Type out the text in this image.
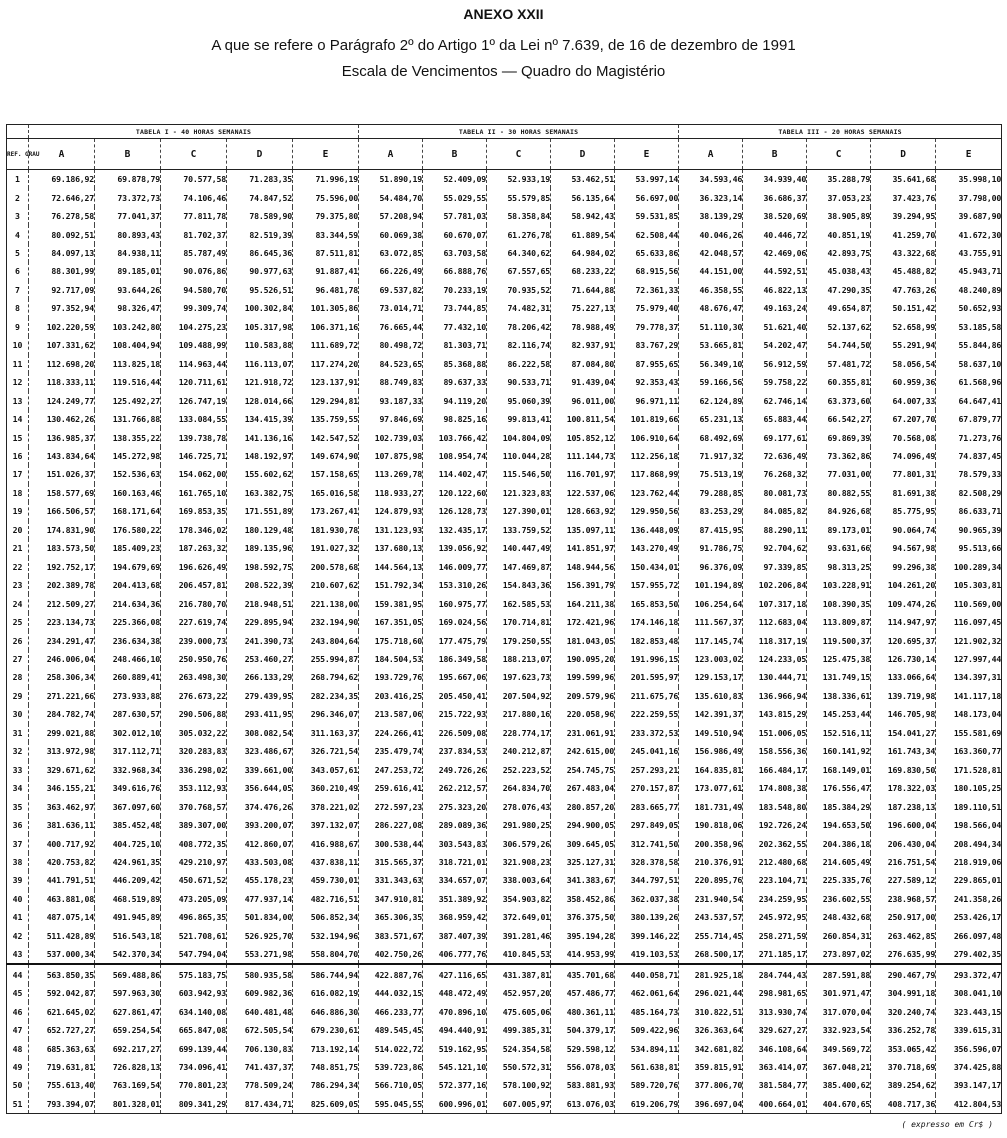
ANEXO XXII
A que se refere o Parágrafo 2º do Artigo 1º da Lei nº 7.639, de 16 de dezembro de 1991
Escala de Vencimentos — Quadro do Magistério
	TABELA I - 40 HORAS SEMANAIS					TABELA II - 30 HORAS SEMANAIS					TABELA III - 20 HORAS SEMANAIS				
REF. GRAU	A	B	C	D	E	A	B	C	D	E	A	B	C	D	E
1	69.186,92	69.878,79	70.577,58	71.283,35	71.996,19	51.890,19	52.409,09	52.933,19	53.462,51	53.997,14	34.593,46	34.939,40	35.288,79	35.641,68	35.998,10
2	72.646,27	73.372,73	74.106,46	74.847,52	75.596,00	54.484,70	55.029,55	55.579,85	56.135,64	56.697,00	36.323,14	36.686,37	37.053,23	37.423,76	37.798,00
3	76.278,58	77.041,37	77.811,78	78.589,90	79.375,80	57.208,94	57.781,03	58.358,84	58.942,43	59.531,85	38.139,29	38.520,69	38.905,89	39.294,95	39.687,90
4	80.092,51	80.893,43	81.702,37	82.519,39	83.344,59	60.069,38	60.670,07	61.276,78	61.889,54	62.508,44	40.046,26	40.446,72	40.851,19	41.259,70	41.672,30
5	84.097,13	84.938,11	85.787,49	86.645,36	87.511,81	63.072,85	63.703,58	64.340,62	64.984,02	65.633,86	42.048,57	42.469,06	42.893,75	43.322,68	43.755,91
6	88.301,99	89.185,01	90.076,86	90.977,63	91.887,41	66.226,49	66.888,76	67.557,65	68.233,22	68.915,56	44.151,00	44.592,51	45.038,43	45.488,82	45.943,71
7	92.717,09	93.644,26	94.580,70	95.526,51	96.481,78	69.537,82	70.233,19	70.935,52	71.644,88	72.361,33	46.358,55	46.822,13	47.290,35	47.763,26	48.240,89
8	97.352,94	98.326,47	99.309,74	100.302,84	101.305,86	73.014,71	73.744,85	74.482,31	75.227,13	75.979,40	48.676,47	49.163,24	49.654,87	50.151,42	50.652,93
9	102.220,59	103.242,80	104.275,23	105.317,98	106.371,16	76.665,44	77.432,10	78.206,42	78.988,49	79.778,37	51.110,30	51.621,40	52.137,62	52.658,99	53.185,58
10	107.331,62	108.404,94	109.488,99	110.583,88	111.689,72	80.498,72	81.303,71	82.116,74	82.937,91	83.767,29	53.665,81	54.202,47	54.744,50	55.291,94	55.844,86
11	112.698,20	113.825,18	114.963,44	116.113,07	117.274,20	84.523,65	85.368,88	86.222,58	87.084,80	87.955,65	56.349,10	56.912,59	57.481,72	58.056,54	58.637,10
12	118.333,11	119.516,44	120.711,61	121.918,72	123.137,91	88.749,83	89.637,33	90.533,71	91.439,04	92.353,43	59.166,56	59.758,22	60.355,81	60.959,36	61.568,96
13	124.249,77	125.492,27	126.747,19	128.014,66	129.294,81	93.187,33	94.119,20	95.060,39	96.011,00	96.971,11	62.124,89	62.746,14	63.373,60	64.007,33	64.647,41
14	130.462,26	131.766,88	133.084,55	134.415,39	135.759,55	97.846,69	98.825,16	99.813,41	100.811,54	101.819,66	65.231,13	65.883,44	66.542,27	67.207,70	67.879,77
15	136.985,37	138.355,22	139.738,78	141.136,16	142.547,52	102.739,03	103.766,42	104.804,09	105.852,12	106.910,64	68.492,69	69.177,61	69.869,39	70.568,08	71.273,76
16	143.834,64	145.272,98	146.725,71	148.192,97	149.674,90	107.875,98	108.954,74	110.044,28	111.144,73	112.256,18	71.917,32	72.636,49	73.362,86	74.096,49	74.837,45
17	151.026,37	152.536,63	154.062,00	155.602,62	157.158,65	113.269,78	114.402,47	115.546,50	116.701,97	117.868,99	75.513,19	76.268,32	77.031,00	77.801,31	78.579,33
18	158.577,69	160.163,46	161.765,10	163.382,75	165.016,58	118.933,27	120.122,60	121.323,83	122.537,06	123.762,44	79.288,85	80.081,73	80.882,55	81.691,38	82.508,29
19	166.506,57	168.171,64	169.853,35	171.551,89	173.267,41	124.879,93	126.128,73	127.390,01	128.663,92	129.950,56	83.253,29	84.085,82	84.926,68	85.775,95	86.633,71
20	174.831,90	176.580,22	178.346,02	180.129,48	181.930,78	131.123,93	132.435,17	133.759,52	135.097,11	136.448,09	87.415,95	88.290,11	89.173,01	90.064,74	90.965,39
21	183.573,50	185.409,23	187.263,32	189.135,96	191.027,32	137.680,13	139.056,92	140.447,49	141.851,97	143.270,49	91.786,75	92.704,62	93.631,66	94.567,98	95.513,66
22	192.752,17	194.679,69	196.626,49	198.592,75	200.578,68	144.564,13	146.009,77	147.469,87	148.944,56	150.434,01	96.376,09	97.339,85	98.313,25	99.296,38	100.289,34
23	202.389,78	204.413,68	206.457,81	208.522,39	210.607,62	151.792,34	153.310,26	154.843,36	156.391,79	157.955,72	101.194,89	102.206,84	103.228,91	104.261,20	105.303,81
24	212.509,27	214.634,36	216.780,70	218.948,51	221.138,00	159.381,95	160.975,77	162.585,53	164.211,38	165.853,50	106.254,64	107.317,18	108.390,35	109.474,26	110.569,00
25	223.134,73	225.366,08	227.619,74	229.895,94	232.194,90	167.351,05	169.024,56	170.714,81	172.421,96	174.146,18	111.567,37	112.683,04	113.809,87	114.947,97	116.097,45
26	234.291,47	236.634,38	239.000,73	241.390,73	243.804,64	175.718,60	177.475,79	179.250,55	181.043,05	182.853,48	117.145,74	118.317,19	119.500,37	120.695,37	121.902,32
27	246.006,04	248.466,10	250.950,76	253.460,27	255.994,87	184.504,53	186.349,58	188.213,07	190.095,20	191.996,15	123.003,02	124.233,05	125.475,38	126.730,14	127.997,44
28	258.306,34	260.889,41	263.498,30	266.133,29	268.794,62	193.729,76	195.667,06	197.623,73	199.599,96	201.595,97	129.153,17	130.444,71	131.749,15	133.066,64	134.397,31
29	271.221,66	273.933,88	276.673,22	279.439,95	282.234,35	203.416,25	205.450,41	207.504,92	209.579,96	211.675,76	135.610,83	136.966,94	138.336,61	139.719,98	141.117,18
30	284.782,74	287.630,57	290.506,88	293.411,95	296.346,07	213.587,06	215.722,93	217.880,16	220.058,96	222.259,55	142.391,37	143.815,29	145.253,44	146.705,98	148.173,04
31	299.021,88	302.012,10	305.032,22	308.082,54	311.163,37	224.266,41	226.509,08	228.774,17	231.061,91	233.372,53	149.510,94	151.006,05	152.516,11	154.041,27	155.581,69
32	313.972,98	317.112,71	320.283,83	323.486,67	326.721,54	235.479,74	237.834,53	240.212,87	242.615,00	245.041,16	156.986,49	158.556,36	160.141,92	161.743,34	163.360,77
33	329.671,62	332.968,34	336.298,02	339.661,00	343.057,61	247.253,72	249.726,26	252.223,52	254.745,75	257.293,21	164.835,81	166.484,17	168.149,01	169.830,50	171.528,81
34	346.155,21	349.616,76	353.112,93	356.644,05	360.210,49	259.616,41	262.212,57	264.834,70	267.483,04	270.157,87	173.077,61	174.808,38	176.556,47	178.322,03	180.105,25
35	363.462,97	367.097,60	370.768,57	374.476,26	378.221,02	272.597,23	275.323,20	278.076,43	280.857,20	283.665,77	181.731,49	183.548,80	185.384,29	187.238,13	189.110,51
36	381.636,11	385.452,48	389.307,00	393.200,07	397.132,07	286.227,08	289.089,36	291.980,25	294.900,05	297.849,05	190.818,06	192.726,24	194.653,50	196.600,04	198.566,04
37	400.717,92	404.725,10	408.772,35	412.860,07	416.988,67	300.538,44	303.543,83	306.579,26	309.645,05	312.741,50	200.358,96	202.362,55	204.386,18	206.430,04	208.494,34
38	420.753,82	424.961,35	429.210,97	433.503,08	437.838,11	315.565,37	318.721,01	321.908,23	325.127,31	328.378,58	210.376,91	212.480,68	214.605,49	216.751,54	218.919,06
39	441.791,51	446.209,42	450.671,52	455.178,23	459.730,01	331.343,63	334.657,07	338.003,64	341.383,67	344.797,51	220.895,76	223.104,71	225.335,76	227.589,12	229.865,01
40	463.881,08	468.519,89	473.205,09	477.937,14	482.716,51	347.910,81	351.389,92	354.903,82	358.452,86	362.037,38	231.940,54	234.259,95	236.602,55	238.968,57	241.358,26
41	487.075,14	491.945,89	496.865,35	501.834,00	506.852,34	365.306,35	368.959,42	372.649,01	376.375,50	380.139,26	243.537,57	245.972,95	248.432,68	250.917,00	253.426,17
42	511.428,89	516.543,18	521.708,61	526.925,70	532.194,96	383.571,67	387.407,39	391.281,46	395.194,28	399.146,22	255.714,45	258.271,59	260.854,31	263.462,85	266.097,48
43	537.000,34	542.370,34	547.794,04	553.271,98	558.804,70	402.750,26	406.777,76	410.845,53	414.953,99	419.103,53	268.500,17	271.185,17	273.897,02	276.635,99	279.402,35
44	563.850,35	569.488,86	575.183,75	580.935,58	586.744,94	422.887,76	427.116,65	431.387,81	435.701,68	440.058,71	281.925,18	284.744,43	287.591,88	290.467,79	293.372,47
45	592.042,87	597.963,30	603.942,93	609.982,36	616.082,19	444.032,15	448.472,49	452.957,20	457.486,77	462.061,64	296.021,44	298.981,65	301.971,47	304.991,18	308.041,10
46	621.645,02	627.861,47	634.140,08	640.481,48	646.886,30	466.233,77	470.896,10	475.605,06	480.361,11	485.164,73	310.822,51	313.930,74	317.070,04	320.240,74	323.443,15
47	652.727,27	659.254,54	665.847,08	672.505,54	679.230,61	489.545,45	494.440,91	499.385,31	504.379,17	509.422,96	326.363,64	329.627,27	332.923,54	336.252,78	339.615,31
48	685.363,63	692.217,27	699.139,44	706.130,83	713.192,14	514.022,72	519.162,95	524.354,58	529.598,12	534.894,11	342.681,82	346.108,64	349.569,72	353.065,42	356.596,07
49	719.631,81	726.828,13	734.096,41	741.437,37	748.851,75	539.723,86	545.121,10	550.572,31	556.078,03	561.638,81	359.815,91	363.414,07	367.048,21	370.718,69	374.425,88
50	755.613,40	763.169,54	770.801,23	778.509,24	786.294,34	566.710,05	572.377,16	578.100,92	583.881,93	589.720,76	377.806,70	381.584,77	385.400,62	389.254,62	393.147,17
51	793.394,07	801.328,01	809.341,29	817.434,71	825.609,05	595.045,55	600.996,01	607.005,97	613.076,03	619.206,79	396.697,04	400.664,01	404.670,65	408.717,36	412.804,53
( expresso em Cr$ )
